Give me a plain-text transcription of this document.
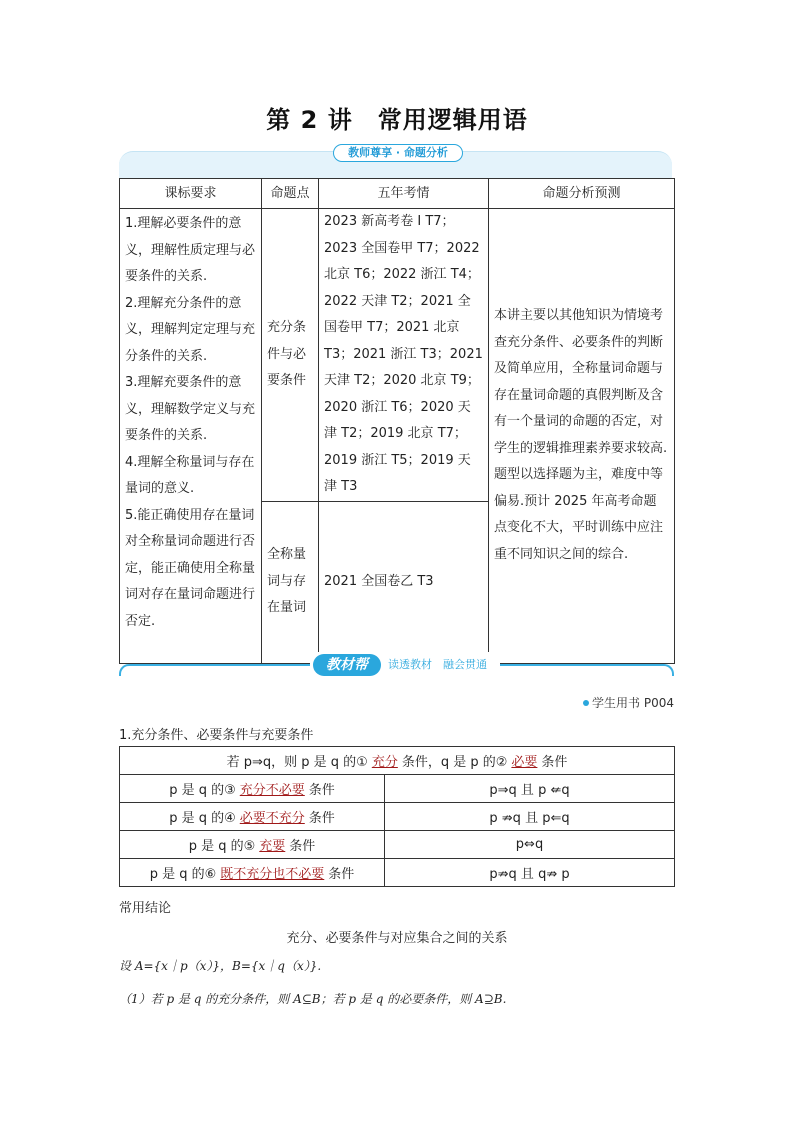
第 2 讲　常用逻辑用语
教师尊享 · 命题分析
课标要求	命题点	五年考情	命题分析预测

1.理解必要条件的意义，理解性质定理与必要条件的关系.
2.理解充分条件的意义，理解判定定理与充分条件的关系.
3.理解充要条件的意义，理解数学定义与充要条件的关系.
4.理解全称量词与存在量词的意义.
5.能正确使用存在量词对全称量词命题进行否定，能正确使用全称量词对存在量词命题进行否定.	充分条件与必要条件	2023 新高考卷 I T7；2023 全国卷甲 T7；2022 北京 T6；2022 浙江 T4；2022 天津 T2；2021 全国卷甲 T7；2021 北京 T3；2021 浙江 T3；2021 天津 T2；2020 北京 T9；2020 浙江 T6；2020 天津 T2；2019 北京 T7；2019 浙江 T5；2019 天津 T3	本讲主要以其他知识为情境考查充分条件、必要条件的判断及简单应用，全称量词命题与存在量词命题的真假判断及含有一个量词的命题的否定，对学生的逻辑推理素养要求较高.题型以选择题为主，难度中等偏易.预计 2025 年高考命题点变化不大，平时训练中应注重不同知识之间的综合.
	全称量词与存在量词	2021 全国卷乙 T3	
教材帮	读透教材　融会贯通
学生用书 P004
1.充分条件、必要条件与充要条件
若 p⇒q，则 p 是 q 的① 充分 条件，q 是 p 的② 必要 条件	
p 是 q 的③ 充分不必要 条件	p⇒q 且 p ⇍q
p 是 q 的④ 必要不充分 条件	p ⇏q 且 p⇐q
p 是 q 的⑤ 充要 条件	p⇔q
p 是 q 的⑥ 既不充分也不必要 条件	p⇏q 且 q⇏ p
常用结论
充分、必要条件与对应集合之间的关系
设 A={x｜p（x）}，B={x｜q（x）}.
（1）若 p 是 q 的充分条件，则 A⊆B；若 p 是 q 的必要条件，则 A⊇B.
